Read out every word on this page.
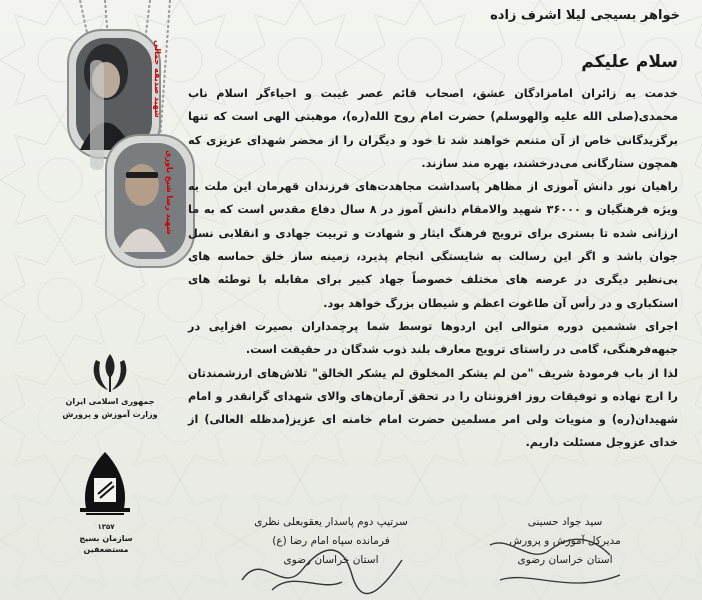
شهید صدیقه جمالی
شهید رضا شیخ یاوری
جمهوری اسلامی ایران
وزارت آموزش و پرورش
۱۳۵۷
سازمان بسیج مستضعفین
خواهر بسیجی لیلا اشرف زاده
سلام علیکم

خدمت به زائران امامزادگان عشق، اصحاب قائم عصر غیبت و احیاءگر اسلام ناب محمدی(صلی الله علیه والهوسلم) حضرت امام روح الله(ره)، موهبتی الهی است که تنها برگزیدگانی خاص از آن متنعم خواهند شد تا خود و دیگران را از محضر شهدای عزیزی که همچون ستارگانی می‌درخشند، بهره مند سازند.

راهیان نور دانش آموزی از مظاهر پاسداشت مجاهدت‌های فرزندان قهرمان این ملت به ویژه فرهنگیان و ۳۶۰۰۰ شهید والامقام دانش آموز در ۸ سال دفاع مقدس است که به ما ارزانی شده تا بستری برای ترویج فرهنگ ایثار و شهادت و تربیت جهادی و انقلابی نسل جوان باشد و اگر این رسالت به شایستگی انجام پذیرد، زمینه ساز خلق حماسه های بی‌نظیر دیگری در عرصه های مختلف خصوصاً جهاد کبیر برای مقابله با توطئه های استکباری و در رأس آن طاغوت اعظم و شیطان بزرگ خواهد بود.

اجرای ششمین دوره متوالی این اردوها توسط شما پرچمداران بصیرت افزایی در جبهه‌فرهنگی، گامی در راستای ترویج معارف بلند ذوب شدگان در حقیقت است.

لذا از باب فرمودهٔ شریف "من لم یشکر المخلوق لم یشکر الخالق" تلاش‌های ارزشمندتان را ارج نهاده و توفیقات روز افزونتان را در تحقق آرمان‌های والای شهدای گرانقدر و امام شهیدان(ره) و منویات ولی امر مسلمین حضرت امام خامنه ای عزیز(مدظله العالی) از خدای عزوجل مسئلت داریم.

سرتیپ دوم پاسدار یعقوبعلی نظری
فرمانده سپاه امام رضا (ع)
استان خراسان رضوی
سید جواد حسینی
مدیرکل آموزش و پرورش
استان خراسان رضوی
